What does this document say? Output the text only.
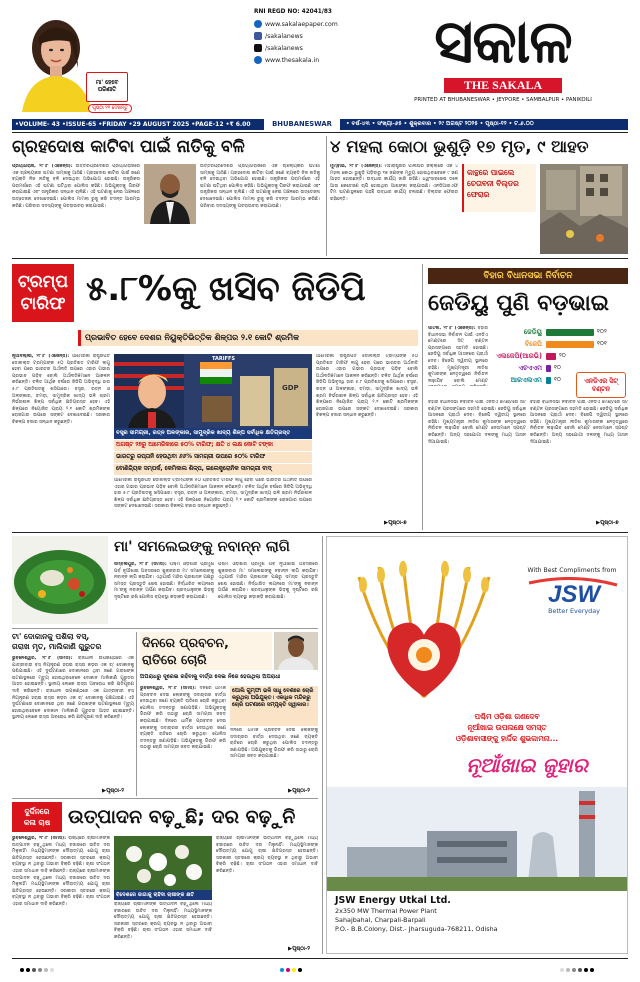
ମା' ହେବେ ପରିଣୀତି
ପୃଷ୍ଠା ୧୧ ଦେଖନ୍ତୁ
RNI REGD NO: 42041/83
www.sakalaepaper.com
/sakalanews
/sakalanews
www.thesakala.in	ସକାଳ
THE SAKALA
PRINTED AT BHUBANESWAR • JEYPORE • SAMBALPUR • PANIKOILI
•VOLUME- 43 •ISSUE-65 •FRIDAY •29 AUGUST 2025 •PAGE-12 •₹ 6.00	BHUBANESWAR	• ବର୍ଷ-୪୩ • ସଂଖ୍ୟା-୬୫ • ଶୁକ୍ରବାର • ୨୯ ଅଗଷ୍ଟ ୨୦୨୫ • ପୃଷ୍ଠା-୧୨ • ଟ.୬.୦୦
ଗ୍ରହଦୋଷ କାଟିବା ପାଇଁ ନାତିକୁ ବଳି
ପ୍ରୟାଗରାଜ, ୨୮।୮ (ଏଜେନ୍ସି): ଉତ୍ତରପ୍ରଦେଶର ପ୍ରୟାଗରାଜରେ ଏକ ଚାଞ୍ଚଲ୍ୟକର ଘଟଣା ସାମ୍ନାକୁ ଆସିଛି। ଗ୍ରହଦୋଷ କାଟିବା ପାଇଁ ଜଣେ ବ୍ୟକ୍ତି ନିଜ ନାତିକୁ ବଳି ଦେଇଥିବା ଅଭିଯୋଗ ହୋଇଛି। ତାନ୍ତ୍ରିକର ପରାମର୍ଶରେ ଏହି ଘଟଣା ଘଟିଥିବା ପୋଲିସ କହିଛି। ଅଭିଯୁକ୍ତକୁ ଗିରଫ କରାଯାଇଛି ଏବଂ ତାନ୍ତ୍ରିକର ସନ୍ଧାନ ଚାଲିଛି। ଏହି ଘଟଣାକୁ ନେଇ ଅଞ୍ଚଳରେ ଉତ୍ତେଜନା ଦେଖାଦେଇଛି। ପୋଲିସ ମାମଲା ରୁଜୁ କରି ତଦନ୍ତ ଆରମ୍ଭ କରିଛି। ପରିବାର ସଦସ୍ୟଙ୍କୁ ପଚରାଉଚରା କରାଯାଉଛି।
ଉତ୍ତରପ୍ରଦେଶର ପ୍ରୟାଗରାଜରେ ଏକ ଚାଞ୍ଚଲ୍ୟକର ଘଟଣା ସାମ୍ନାକୁ ଆସିଛି। ଗ୍ରହଦୋଷ କାଟିବା ପାଇଁ ଜଣେ ବ୍ୟକ୍ତି ନିଜ ନାତିକୁ ବଳି ଦେଇଥିବା ଅଭିଯୋଗ ହୋଇଛି। ତାନ୍ତ୍ରିକର ପରାମର୍ଶରେ ଏହି ଘଟଣା ଘଟିଥିବା ପୋଲିସ କହିଛି। ଅଭିଯୁକ୍ତକୁ ଗିରଫ କରାଯାଇଛି ଏବଂ ତାନ୍ତ୍ରିକର ସନ୍ଧାନ ଚାଲିଛି। ଏହି ଘଟଣାକୁ ନେଇ ଅଞ୍ଚଳରେ ଉତ୍ତେଜନା ଦେଖାଦେଇଛି। ପୋଲିସ ମାମଲା ରୁଜୁ କରି ତଦନ୍ତ ଆରମ୍ଭ କରିଛି। ପରିବାର ସଦସ୍ୟଙ୍କୁ ପଚରାଉଚରା କରାଯାଉଛି।
୪ ମହଲା କୋଠା ଭୁଶୁଡ଼ି ୧୭ ମୃତ, ୯ ଆହତ
ମୁମ୍ବାଇ, ୨୮।୮ (ଏଜେନ୍ସି): ମହାରାଷ୍ଟ୍ରର ପାଲଘର ଜିଲ୍ଲାରେ ଏକ ୪ ମହଲା କୋଠା ଭୁଶୁଡ଼ି ପଡ଼ିବାରୁ ୧୭ ଜଣଙ୍କ ମୃତ୍ୟୁ ହୋଇଥିବାବେଳେ ୯ ଜଣ ଆହତ ହୋଇଛନ୍ତି। ଉଦ୍ଧାର କାର୍ଯ୍ୟ ଜାରି ରହିଛି। ଧ୍ୱଂସାବଶେଷ ତଳେ ଆଉ କେତେଜଣ ଚାପି ହୋଇଥିବା ଆଶଙ୍କା କରାଯାଉଛି। ଏନଡିଆରଏଫ ଟିମ ଘଟଣାସ୍ଥଳରେ ପହଞ୍ଚି ଉଦ୍ଧାର କାର୍ଯ୍ୟ ଚଳାଇଛି। ବିଲ୍ଡର ଫେରାର ରହିଛନ୍ତି।
କାନ୍ଥରେ ପାଇଲେ ଚେତାବନୀ ବିଲ୍ଡର ଫେରାର
ଟ୍ରମ୍ପ
ଟାରିଫ ୫.୮%କୁ ଖସିବ ଜିଡିପି
ପ୍ରଭାବିତ ହେବେ ଦେଶର ନିୟୁକ୍ତିଭିତ୍ତିକ ଶିଳ୍ପର ୨.୧ କୋଟି ଶ୍ରମିକ
ନୂଆଦିଲ୍ଲୀ, ୨୮।୮ (ଏଜେନ୍ସି): ଆମେରିକା ରାଷ୍ଟ୍ରପତି ଡୋନାଲ୍ଡ ଟ୍ରମ୍ପଙ୍କ ୫୦ ପ୍ରତିଶତ ଟାରିଫ ଲାଗୁ ହେବା ପରେ ଭାରତର ଅର୍ଥନୀତି ଉପରେ ଏହାର ଗଭୀର ପ୍ରଭାବ ପଡ଼ିବ ବୋଲି ଅର୍ଥନୀତିଜ୍ଞମାନେ ଆକଳନ କରିଛନ୍ତି। ଚଳିତ ଆର୍ଥିକ ବର୍ଷରେ ଜିଡିପି ଅଭିବୃଦ୍ଧି ହାର ୫.୮ ପ୍ରତିଶତକୁ ଖସିପାରେ। ବସ୍ତ୍ର, ରତ୍ନ ଓ ଅଳଙ୍କାର, ଚମଡ଼ା, ସାମୁଦ୍ରିକ ଖାଦ୍ୟ ଭଳି ଶ୍ରମ ନିର୍ଭରଶୀଳ ଶିଳ୍ପ ସର୍ବାଧିକ କ୍ଷତିଗ୍ରସ୍ତ ହେବ। ଏହି ଶିଳ୍ପରେ ନିୟୋଜିତ ପ୍ରାୟ ୨.୧ କୋଟି ଶ୍ରମିକଙ୍କ ରୋଜଗାର ଉପରେ ସଙ୍କଟ ଦେଖାଦେଇଛି। ସରକାର ବିକଳ୍ପ ବଜାର ସନ୍ଧାନ କରୁଛନ୍ତି।
GDP
TARIFFS
ବସ୍ତ୍ର ସାମଗ୍ରୀ, ରତ୍ନ ଅଳଙ୍କାର, ସାମୁଦ୍ରିକ ଖାଦ୍ୟ ଶିଳ୍ପ ସର୍ବାଧିକ କ୍ଷତିଗ୍ରସ୍ତ
ଅଗଷ୍ଟ ୨୭ରୁ ଆମେରିକାରେ ୫୦% ଟାରିଫ; କ୍ଷତି ୪ ଲକ୍ଷ କୋଟି ଟଙ୍କା
ଭାରତରୁ ରପ୍ତାନି ହେଉଥିବା ୬୬% ସାମଗ୍ରୀ ଉପରେ ୫୦% ଟାରିଫ
ବୋଣିଜ୍ୟିକ ସମ୍ପର୍କ, କେମିକାଲ ଶିଳ୍ପ, ଇଲେକ୍ଟ୍ରୋନିକ ସାମଗ୍ରୀ ବାଦ୍
ଆମେରିକା ରାଷ୍ଟ୍ରପତି ଡୋନାଲ୍ଡ ଟ୍ରମ୍ପଙ୍କ ୫୦ ପ୍ରତିଶତ ଟାରିଫ ଲାଗୁ ହେବା ପରେ ଭାରତର ଅର୍ଥନୀତି ଉପରେ ଏହାର ଗଭୀର ପ୍ରଭାବ ପଡ଼ିବ ବୋଲି ଅର୍ଥନୀତିଜ୍ଞମାନେ ଆକଳନ କରିଛନ୍ତି। ଚଳିତ ଆର୍ଥିକ ବର୍ଷରେ ଜିଡିପି ଅଭିବୃଦ୍ଧି ହାର ୫.୮ ପ୍ରତିଶତକୁ ଖସିପାରେ। ବସ୍ତ୍ର, ରତ୍ନ ଓ ଅଳଙ୍କାର, ଚମଡ଼ା, ସାମୁଦ୍ରିକ ଖାଦ୍ୟ ଭଳି ଶ୍ରମ ନିର୍ଭରଶୀଳ ଶିଳ୍ପ ସର୍ବାଧିକ କ୍ଷତିଗ୍ରସ୍ତ ହେବ। ଏହି ଶିଳ୍ପରେ ନିୟୋଜିତ ପ୍ରାୟ ୨.୧ କୋଟି ଶ୍ରମିକଙ୍କ ରୋଜଗାର ଉପରେ ସଙ୍କଟ ଦେଖାଦେଇଛି। ସରକାର ବିକଳ୍ପ ବଜାର ସନ୍ଧାନ କରୁଛନ୍ତି।
ଆମେରିକା ରାଷ୍ଟ୍ରପତି ଡୋନାଲ୍ଡ ଟ୍ରମ୍ପଙ୍କ ୫୦ ପ୍ରତିଶତ ଟାରିଫ ଲାଗୁ ହେବା ପରେ ଭାରତର ଅର୍ଥନୀତି ଉପରେ ଏହାର ଗଭୀର ପ୍ରଭାବ ପଡ଼ିବ ବୋଲି ଅର୍ଥନୀତିଜ୍ଞମାନେ ଆକଳନ କରିଛନ୍ତି। ଚଳିତ ଆର୍ଥିକ ବର୍ଷରେ ଜିଡିପି ଅଭିବୃଦ୍ଧି ହାର ୫.୮ ପ୍ରତିଶତକୁ ଖସିପାରେ। ବସ୍ତ୍ର, ରତ୍ନ ଓ ଅଳଙ୍କାର, ଚମଡ଼ା, ସାମୁଦ୍ରିକ ଖାଦ୍ୟ ଭଳି ଶ୍ରମ ନିର୍ଭରଶୀଳ ଶିଳ୍ପ ସର୍ବାଧିକ କ୍ଷତିଗ୍ରସ୍ତ ହେବ। ଏହି ଶିଳ୍ପରେ ନିୟୋଜିତ ପ୍ରାୟ ୨.୧ କୋଟି ଶ୍ରମିକଙ୍କ ରୋଜଗାର ଉପରେ ସଙ୍କଟ ଦେଖାଦେଇଛି। ସରକାର ବିକଳ୍ପ ବଜାର ସନ୍ଧାନ କରୁଛନ୍ତି।
▶ପୃଷ୍ଠା-୭
ବିହାର ବିଧାନସଭା ନିର୍ବାଚନ
ଜେଡିୟୁ ପୁଣି ବଡ଼ଭାଇ
ପାଟନା, ୨୮।୮ (ଏଜେନ୍ସି): ବିହାର ବିଧାନସଭା ନିର୍ବାଚନ ପାଇଁ ଏନଡିଏ ମେଣ୍ଟରେ ସିଟ୍ ବଣ୍ଟନ ପ୍ରସଙ୍ଗରେ ସହମତି ହୋଇଛି। ଜେଡିୟୁ ସର୍ବାଧିକ ଆସନରେ ପ୍ରାର୍ଥୀ ଦେବ। ବିଜେପି ଦ୍ୱିତୀୟ ସ୍ଥାନରେ ରହିଛି। ମୁଖ୍ୟମନ୍ତ୍ରୀ ନୀତିଶ କୁମାରଙ୍କ ନେତୃତ୍ୱରେ ନିର୍ବାଚନ ଲଢ଼ାଯିବ ବୋଲି ମେଣ୍ଟ
ଜେଡିୟୁ	୧୦୨
ବିଜେପି	୧୦୧
ଏଲଜେପି(ଆରଭି)	୨୦
ଏଚଏଏମ	୧୦
ଆରଏଲଏମ	୧୦	ଏନଡିଏର ସିଟ୍ ବଣ୍ଟନ
ବିହାର ବିଧାନସଭା ନିର୍ବାଚନ ପାଇଁ ଏନଡିଏ ମେଣ୍ଟରେ ସିଟ୍ ବଣ୍ଟନ ପ୍ରସଙ୍ଗରେ ସହମତି ହୋଇଛି। ଜେଡିୟୁ ସର୍ବାଧିକ ଆସନରେ ପ୍ରାର୍ଥୀ ଦେବ। ବିଜେପି ଦ୍ୱିତୀୟ ସ୍ଥାନରେ ରହିଛି। ମୁଖ୍ୟମନ୍ତ୍ରୀ ନୀତିଶ କୁମାରଙ୍କ ନେତୃତ୍ୱରେ ନିର୍ବାଚନ ଲଢ଼ାଯିବ ବୋଲି ମେଣ୍ଟ ନେତାମାନେ ସ୍ପଷ୍ଟ କରିଛନ୍ତି। ଅନ୍ୟ ସହଯୋଗୀ ଦଳଙ୍କୁ ମଧ୍ୟ ଆସନ ଦିଆଯାଇଛି।
ବିହାର ବିଧାନସଭା ନିର୍ବାଚନ ପାଇଁ ଏନଡିଏ ମେଣ୍ଟରେ ସିଟ୍ ବଣ୍ଟନ ପ୍ରସଙ୍ଗରେ ସହମତି ହୋଇଛି। ଜେଡିୟୁ ସର୍ବାଧିକ ଆସନରେ ପ୍ରାର୍ଥୀ ଦେବ। ବିଜେପି ଦ୍ୱିତୀୟ ସ୍ଥାନରେ ରହିଛି। ମୁଖ୍ୟମନ୍ତ୍ରୀ ନୀତିଶ କୁମାରଙ୍କ ନେତୃତ୍ୱରେ ନିର୍ବାଚନ ଲଢ଼ାଯିବ ବୋଲି ମେଣ୍ଟ ନେତାମାନେ ସ୍ପଷ୍ଟ କରିଛନ୍ତି। ଅନ୍ୟ ସହଯୋଗୀ ଦଳଙ୍କୁ ମଧ୍ୟ ଆସନ ଦିଆଯାଇଛି।
▶ପୃଷ୍ଠା-୭
ମା' ସମଲେଇଙ୍କୁ ନବାନ୍ନ ଲାଗି
ସମ୍ବଲପୁର, ୨୮।୮ (ସମିସ): ପଶ୍ଚିମ ଓଡ଼ିଶାର ପ୍ରମୁଖ ପର୍ବ ନୂଆଁଖାଇ ଅବସରରେ ଶୁକ୍ରବାର ମା' ସମଲେଇଙ୍କୁ ନବାନ୍ନ ଲାଗି କରାଯିବ। ଏଥିପାଇଁ ମନ୍ଦିର ପ୍ରଶାସନ ପକ୍ଷରୁ ସମସ୍ତ ପ୍ରସ୍ତୁତି ଶେଷ ହୋଇଛି। ନିର୍ଦ୍ଧାରିତ ଲଗ୍ନରେ ମା'ଙ୍କୁ ନବାନ୍ନ ଅର୍ପଣ କରାଯିବ। ଶ୍ରଦ୍ଧାଳୁଙ୍କ ଭିଡ଼କୁ ଦୃଷ୍ଟିରେ ରଖି ପୋଲିସ ବ୍ୟବସ୍ଥା କଡ଼ାକଡ଼ି କରାଯାଇଛି।
ପଶ୍ଚିମ ଓଡ଼ିଶାର ପ୍ରମୁଖ ପର୍ବ ନୂଆଁଖାଇ ଅବସରରେ ଶୁକ୍ରବାର ମା' ସମଲେଇଙ୍କୁ ନବାନ୍ନ ଲାଗି କରାଯିବ। ଏଥିପାଇଁ ମନ୍ଦିର ପ୍ରଶାସନ ପକ୍ଷରୁ ସମସ୍ତ ପ୍ରସ୍ତୁତି ଶେଷ ହୋଇଛି। ନିର୍ଦ୍ଧାରିତ ଲଗ୍ନରେ ମା'ଙ୍କୁ ନବାନ୍ନ ଅର୍ପଣ କରାଯିବ। ଶ୍ରଦ୍ଧାଳୁଙ୍କ ଭିଡ଼କୁ ଦୃଷ୍ଟିରେ ରଖି ପୋଲିସ ବ୍ୟବସ୍ଥା କଡ଼ାକଡ଼ି କରାଯାଇଛି।
ଟା' ଦୋକାନକୁ ପଶିଲା ବସ୍,
ଗରାଖ ମୃତ, ମାଲିକାଣି ଗୁରୁତର
ଭୁବନେଶ୍ୱର, ୨୮।୮ (ସମିସ): ରାଜଧାନୀ ଉପକଣ୍ଠରେ ଏକ ଯାତ୍ରୀବାହୀ ବସ୍ ନିୟନ୍ତ୍ରଣ ହରାଇ ରାସ୍ତା କଡ଼ର ଏକ ଚା' ଦୋକାନକୁ ପଶିଯାଇଛି। ଏହି ଦୁର୍ଘଟଣାରେ ଦୋକାନରେ ଥିବା ଜଣେ ଗରାଖଙ୍କ ଘଟଣାସ୍ଥଳରେ ମୃତ୍ୟୁ ହୋଇଥିବାବେଳେ ଦୋକାନ ମାଲିକାଣି ଗୁରୁତର ଆହତ ହୋଇଛନ୍ତି। ସ୍ଥାନୀୟ ଲୋକେ ରାସ୍ତା ଅବରୋଧ କରି କ୍ଷତିପୂରଣ ଦାବି କରିଛନ୍ତି। ରାଜଧାନୀ ଉପକଣ୍ଠରେ ଏକ ଯାତ୍ରୀବାହୀ ବସ୍ ନିୟନ୍ତ୍ରଣ ହରାଇ ରାସ୍ତା କଡ଼ର ଏକ ଚା' ଦୋକାନକୁ ପଶିଯାଇଛି। ଏହି ଦୁର୍ଘଟଣାରେ ଦୋକାନରେ ଥିବା ଜଣେ ଗରାଖଙ୍କ ଘଟଣାସ୍ଥଳରେ ମୃତ୍ୟୁ ହୋଇଥିବାବେଳେ ଦୋକାନ ମାଲିକାଣି ଗୁରୁତର ଆହତ ହୋଇଛନ୍ତି। ସ୍ଥାନୀୟ ଲୋକେ ରାସ୍ତା ଅବରୋଧ କରି କ୍ଷତିପୂରଣ ଦାବି କରିଛନ୍ତି।
▶ପୃଷ୍ଠା-୨
ଦିନରେ ପ୍ରବଚନ,
ରାତିରେ ଚୋରି
ଅପରାଧରୁ ଦୂରେଇ ରହିବାକୁ ବାର୍ତ୍ତା ଦେଇ ନିଜେ ହେଉଥିଲା ଅପରାଧୀ
ଭୁବନେଶ୍ୱର, ୨୮।୮ (ସମିସ): ଦିନରେ ଧାର୍ମିକ ପ୍ରବଚନ ଦେଇ ଲୋକଙ୍କୁ ସଦାଚାରର ବାର୍ତ୍ତା ଦେଉଥିବା ଜଣେ ବ୍ୟକ୍ତି ରାତିରେ ଚୋରି କରୁଥିବା ପୋଲିସ ତଦନ୍ତରୁ ଜଣାପଡ଼ିଛି। ଅଭିଯୁକ୍ତକୁ ଗିରଫ କରି ତାଠାରୁ ଚୋରି ସାମଗ୍ରୀ ଜବତ କରାଯାଇଛି। ଦିନରେ ଧାର୍ମିକ ପ୍ରବଚନ ଦେଇ ଲୋକଙ୍କୁ ସଦାଚାରର ବାର୍ତ୍ତା ଦେଉଥିବା ଜଣେ ବ୍ୟକ୍ତି ରାତିରେ ଚୋରି କରୁଥିବା ପୋଲିସ ତଦନ୍ତରୁ ଜଣାପଡ଼ିଛି। ଅଭିଯୁକ୍ତକୁ ଗିରଫ କରି ତାଠାରୁ ଚୋରି ସାମଗ୍ରୀ ଜବତ କରାଯାଇଛି।
ପୋଲି ଗୁମ୍ଫା ଭଳି ସାଧୁ ବେଶରେ ଚୋରି କରୁଥିଲା ଅଭିଯୁକ୍ତ। ଏକାଧିକ ମନ୍ଦିରରୁ ଚୋରି ଘଟଣାରେ ସମ୍ପୃକ୍ତି ସ୍ୱୀକାର।
ଦିନରେ ଧାର୍ମିକ ପ୍ରବଚନ ଦେଇ ଲୋକଙ୍କୁ ସଦାଚାରର ବାର୍ତ୍ତା ଦେଉଥିବା ଜଣେ ବ୍ୟକ୍ତି ରାତିରେ ଚୋରି କରୁଥିବା ପୋଲିସ ତଦନ୍ତରୁ ଜଣାପଡ଼ିଛି। ଅଭିଯୁକ୍ତକୁ ଗିରଫ କରି ତାଠାରୁ ଚୋରି ସାମଗ୍ରୀ ଜବତ କରାଯାଇଛି।
▶ପୃଷ୍ଠା-୨
ଦୁର୍ଦ୍ଦିନରେ
କଳା ଚାଷ ଉତ୍ପାଦନ ବଢ଼ୁଛି; ଦର ବଢ଼ୁନି
ଭୁବନେଶ୍ୱର, ୨୮।୮ (ସମିସ): ରାଜ୍ୟରେ ଚାଷୀମାନଙ୍କ ଉତ୍ପାଦନ ବଢ଼ୁଥିଲେ ମଧ୍ୟ ବଜାରରେ ଉଚିତ ଦର ମିଳୁନାହିଁ। ମଧ୍ୟସ୍ଥିମାନଙ୍କ ଦୌରାତ୍ମ୍ୟ ଯୋଗୁ ଚାଷୀ କ୍ଷତିଗ୍ରସ୍ତ ହେଉଛନ୍ତି। ସରକାରୀ ସ୍ତରରେ କ୍ରୟ ବ୍ୟବସ୍ଥା ନ ଥିବାରୁ ଅଭାବୀ ବିକ୍ରି ବଢ଼ିଛି। ଚାଷୀ ସଂଗଠନ ଏହାର ସମାଧାନ ଦାବି କରିଛନ୍ତି। ରାଜ୍ୟରେ ଚାଷୀମାନଙ୍କ ଉତ୍ପାଦନ ବଢ଼ୁଥିଲେ ମଧ୍ୟ ବଜାରରେ ଉଚିତ ଦର ମିଳୁନାହିଁ। ମଧ୍ୟସ୍ଥିମାନଙ୍କ ଦୌରାତ୍ମ୍ୟ ଯୋଗୁ ଚାଷୀ କ୍ଷତିଗ୍ରସ୍ତ ହେଉଛନ୍ତି। ସରକାରୀ ସ୍ତରରେ କ୍ରୟ ବ୍ୟବସ୍ଥା ନ ଥିବାରୁ ଅଭାବୀ ବିକ୍ରି ବଢ଼ିଛି। ଚାଷୀ ସଂଗଠନ ଏହାର ସମାଧାନ ଦାବି କରିଛନ୍ତି।
ବିଦେଶରେ ଜାଗାକୁ ଚାହିଦା ଚାଷୀଙ୍କ କ୍ଷତି
ରାଜ୍ୟରେ ଚାଷୀମାନଙ୍କ ଉତ୍ପାଦନ ବଢ଼ୁଥିଲେ ମଧ୍ୟ ବଜାରରେ ଉଚିତ ଦର ମିଳୁନାହିଁ। ମଧ୍ୟସ୍ଥିମାନଙ୍କ ଦୌରାତ୍ମ୍ୟ ଯୋଗୁ ଚାଷୀ କ୍ଷତିଗ୍ରସ୍ତ ହେଉଛନ୍ତି। ସରକାରୀ ସ୍ତରରେ କ୍ରୟ ବ୍ୟବସ୍ଥା ନ ଥିବାରୁ ଅଭାବୀ ବିକ୍ରି ବଢ଼ିଛି। ଚାଷୀ ସଂଗଠନ ଏହାର ସମାଧାନ ଦାବି କରିଛନ୍ତି।
ରାଜ୍ୟରେ ଚାଷୀମାନଙ୍କ ଉତ୍ପାଦନ ବଢ଼ୁଥିଲେ ମଧ୍ୟ ବଜାରରେ ଉଚିତ ଦର ମିଳୁନାହିଁ। ମଧ୍ୟସ୍ଥିମାନଙ୍କ ଦୌରାତ୍ମ୍ୟ ଯୋଗୁ ଚାଷୀ କ୍ଷତିଗ୍ରସ୍ତ ହେଉଛନ୍ତି। ସରକାରୀ ସ୍ତରରେ କ୍ରୟ ବ୍ୟବସ୍ଥା ନ ଥିବାରୁ ଅଭାବୀ ବିକ୍ରି ବଢ଼ିଛି। ଚାଷୀ ସଂଗଠନ ଏହାର ସମାଧାନ ଦାବି କରିଛନ୍ତି।
▶ପୃଷ୍ଠା-୨
With Best Compliments from
JSW
Better Everyday
ପଶ୍ଚିମ ଓଡ଼ିଶା ଗଣଦେବ
ନୂଆଁଖାଇ ଉପଲକ୍ଷେ ସମସ୍ତ
ଓଡ଼ିଶାବାସୀଙ୍କୁ ହାର୍ଦ୍ଦିକ ଶୁଭକାମନା...
ନୂଆଁଖାଇ ଜୁହାର
JSW Energy Utkal Ltd.
2x350 MW Thermal Power Plant
Sahajbahal, Charpali-Barpali
P.O.- B.B.Colony, Dist.- Jharsuguda-768211, Odisha
